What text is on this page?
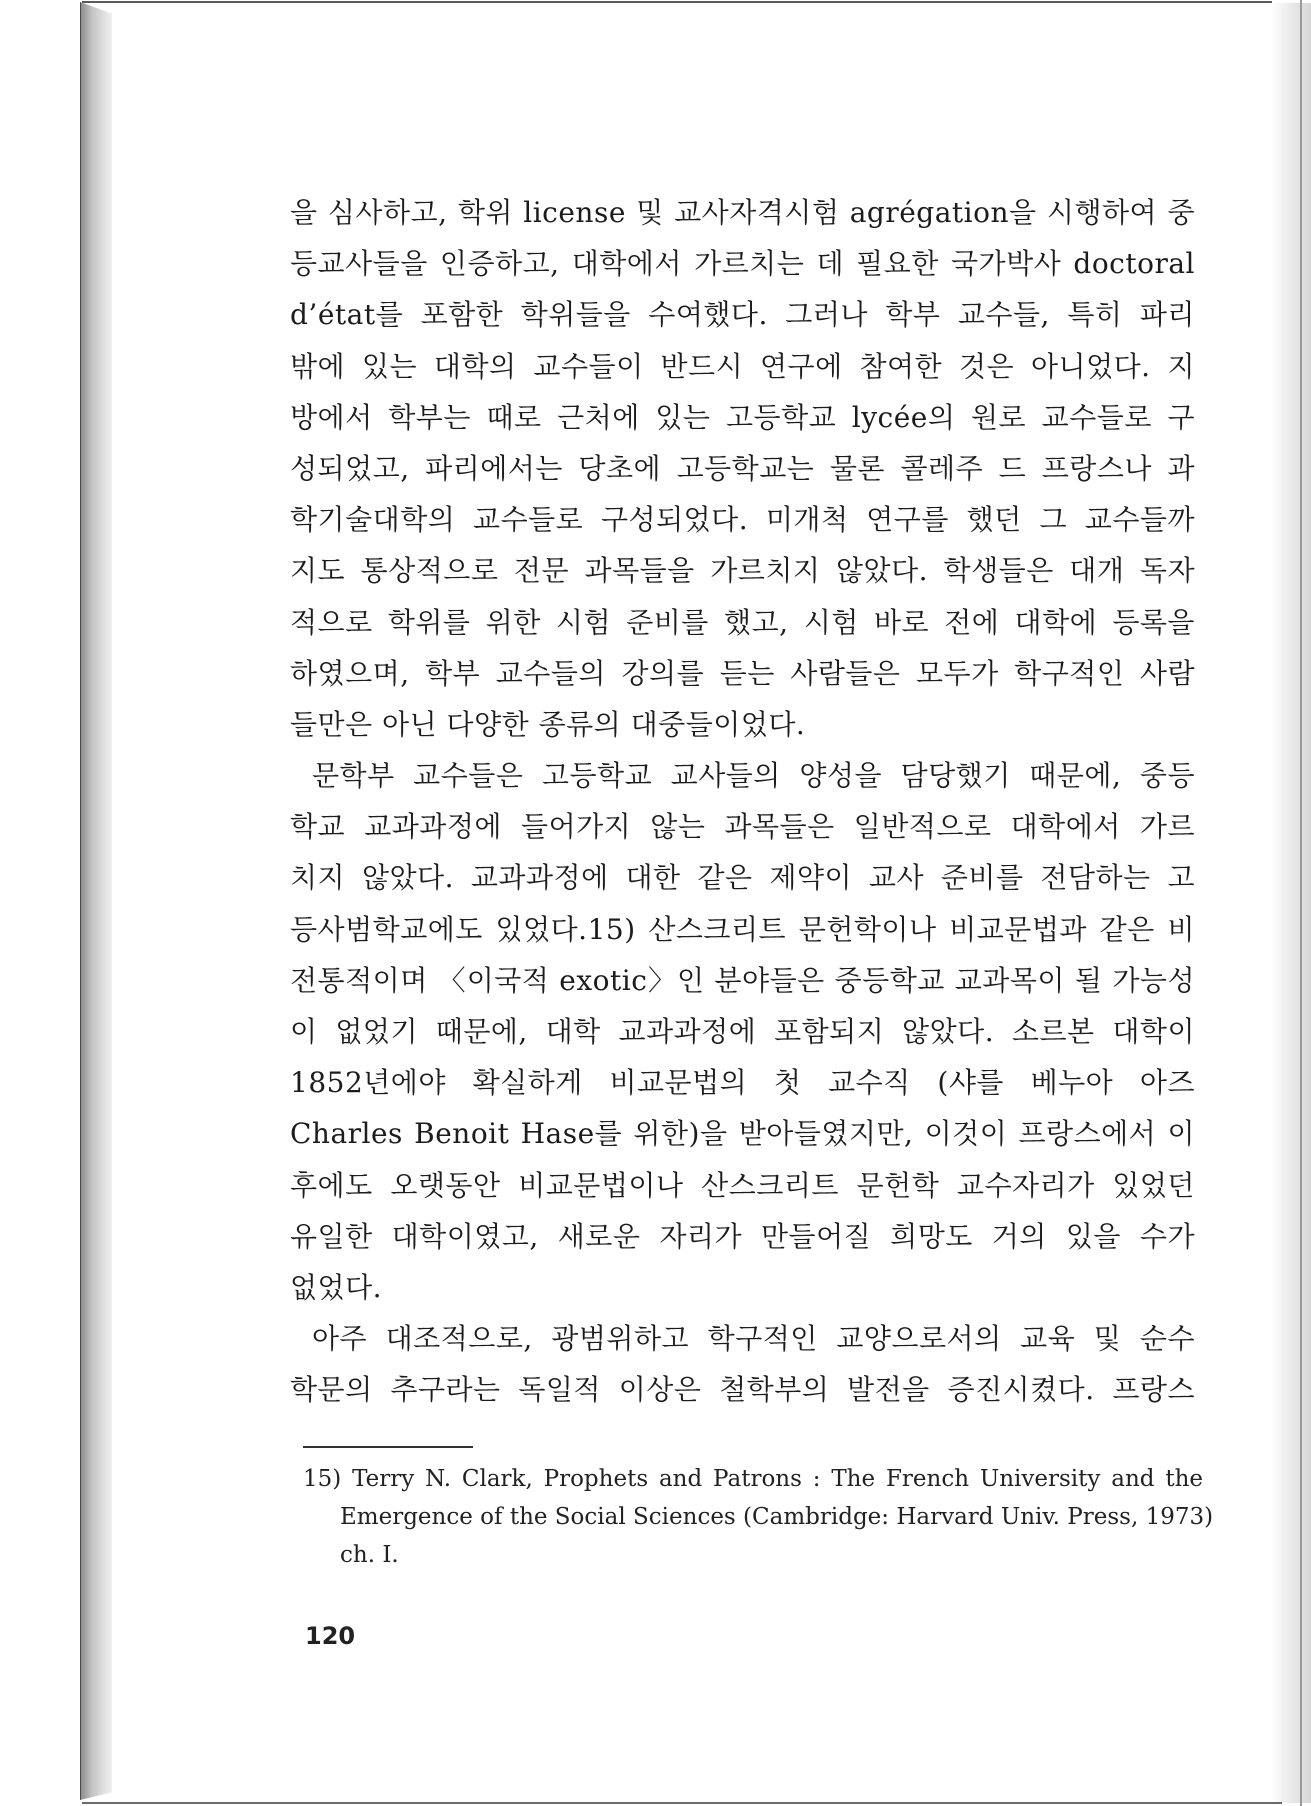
을 심사하고, 학위 license 및 교사자격시험 agrégation을 시행하여 중
등교사들을 인증하고, 대학에서 가르치는 데 필요한 국가박사 doctoral
d’état를 포함한 학위들을 수여했다. 그러나 학부 교수들, 특히 파리
밖에 있는 대학의 교수들이 반드시 연구에 참여한 것은 아니었다. 지
방에서 학부는 때로 근처에 있는 고등학교 lycée의 원로 교수들로 구
성되었고, 파리에서는 당초에 고등학교는 물론 콜레주 드 프랑스나 과
학기술대학의 교수들로 구성되었다. 미개척 연구를 했던 그 교수들까
지도 통상적으로 전문 과목들을 가르치지 않았다. 학생들은 대개 독자
적으로 학위를 위한 시험 준비를 했고, 시험 바로 전에 대학에 등록을
하였으며, 학부 교수들의 강의를 듣는 사람들은 모두가 학구적인 사람
들만은 아닌 다양한 종류의 대중들이었다.
문학부 교수들은 고등학교 교사들의 양성을 담당했기 때문에, 중등
학교 교과과정에 들어가지 않는 과목들은 일반적으로 대학에서 가르
치지 않았다. 교과과정에 대한 같은 제약이 교사 준비를 전담하는 고
등사범학교에도 있었다.15) 산스크리트 문헌학이나 비교문법과 같은 비
전통적이며 〈이국적 exotic〉인 분야들은 중등학교 교과목이 될 가능성
이 없었기 때문에, 대학 교과과정에 포함되지 않았다. 소르본 대학이
1852년에야 확실하게 비교문법의 첫 교수직 (샤를 베누아 아즈
Charles Benoit Hase를 위한)을 받아들였지만, 이것이 프랑스에서 이
후에도 오랫동안 비교문법이나 산스크리트 문헌학 교수자리가 있었던
유일한 대학이였고, 새로운 자리가 만들어질 희망도 거의 있을 수가
없었다.
아주 대조적으로, 광범위하고 학구적인 교양으로서의 교육 및 순수
학문의 추구라는 독일적 이상은 철학부의 발전을 증진시켰다. 프랑스
15) Terry N. Clark, Prophets and Patrons : The French University and the
Emergence of the Social Sciences (Cambridge: Harvard Univ. Press, 1973)
ch. I.
120
